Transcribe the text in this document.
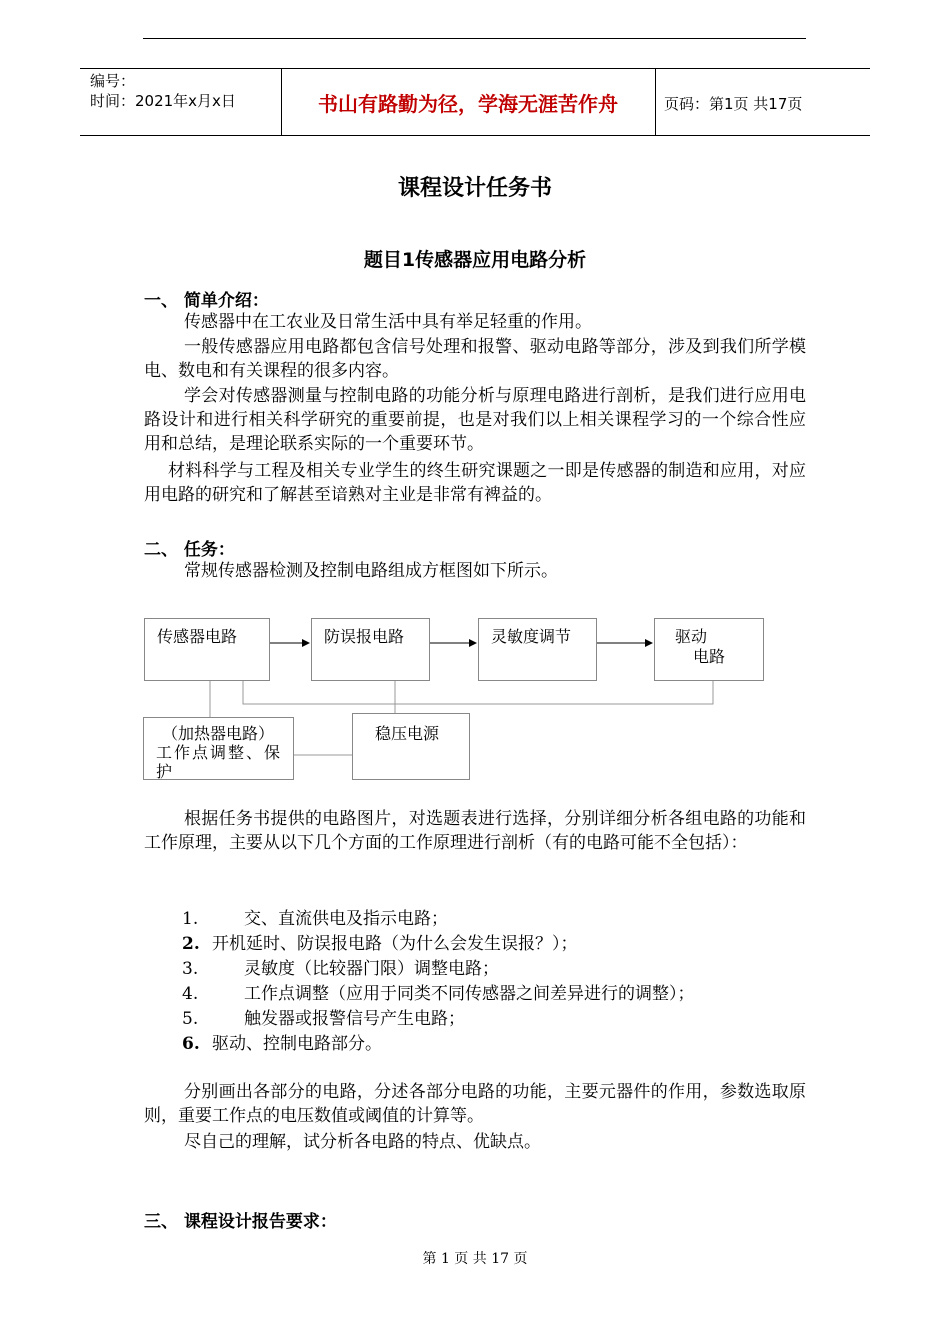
编号：
时间：2021年x月x日	书山有路勤为径，学海无涯苦作舟	页码：第1页 共17页
课程设计任务书
题目1传感器应用电路分析
一、 简单介绍：
传感器中在工农业及日常生活中具有举足轻重的作用。
一般传感器应用电路都包含信号处理和报警、驱动电路等部分，涉及到我们所学模电、数电和有关课程的很多内容。
学会对传感器测量与控制电路的功能分析与原理电路进行剖析，是我们进行应用电路设计和进行相关科学研究的重要前提，也是对我们以上相关课程学习的一个综合性应用和总结，是理论联系实际的一个重要环节。
材料科学与工程及相关专业学生的终生研究课题之一即是传感器的制造和应用，对应用电路的研究和了解甚至谙熟对主业是非常有裨益的。
二、 任务：
常规传感器检测及控制电路组成方框图如下所示。
传感器电路	防误报电路	灵敏度调节	驱动
电路
（加热器电路）
工作点调整、保
护
稳压电源
根据任务书提供的电路图片，对选题表进行选择，分别详细分析各组电路的功能和工作原理，主要从以下几个方面的工作原理进行剖析（有的电路可能不全包括）：
1.	交、直流供电及指示电路；
2. 开机延时、防误报电路（为什么会发生误报？）；
3.	灵敏度（比较器门限）调整电路；
4.	工作点调整（应用于同类不同传感器之间差异进行的调整）；
5.	触发器或报警信号产生电路；
6. 驱动、控制电路部分。
分别画出各部分的电路，分述各部分电路的功能，主要元器件的作用，参数选取原则，重要工作点的电压数值或阈值的计算等。
尽自己的理解，试分析各电路的特点、优缺点。
三、 课程设计报告要求：
第 1 页 共 17 页
